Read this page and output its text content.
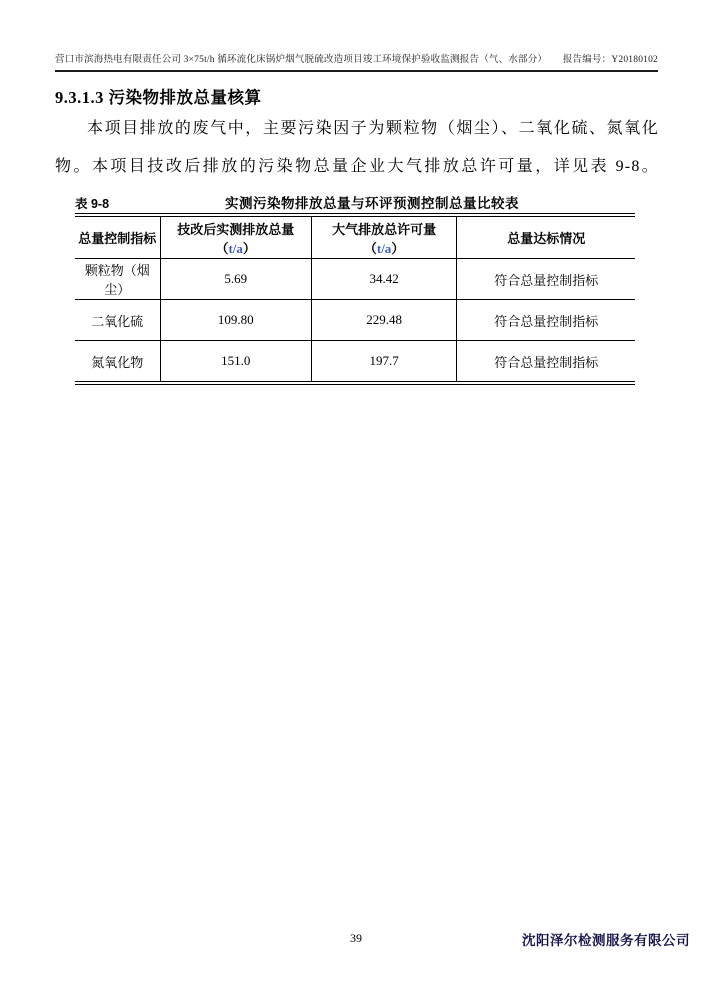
营口市滨海热电有限责任公司 3×75t/h 循环流化床锅炉烟气脱硫改造项目竣工环境保护验收监测报告（气、水部分）	报告编号：Y20180102
9.3.1.3 污染物排放总量核算
本项目排放的废气中，主要污染因子为颗粒物（烟尘）、二氧化硫、氮氧化物。本项目技改后排放的污染物总量企业大气排放总许可量，详见表 9-8。
表 9-8	实测污染物排放总量与环评预测控制总量比较表
总量控制指标	技改后实测排放总量（t/a）	大气排放总许可量（t/a）	总量达标情况
颗粒物（烟尘）	5.69	34.42	符合总量控制指标
二氧化硫	109.80	229.48	符合总量控制指标
氮氧化物	151.0	197.7	符合总量控制指标
39	沈阳泽尔检测服务有限公司
